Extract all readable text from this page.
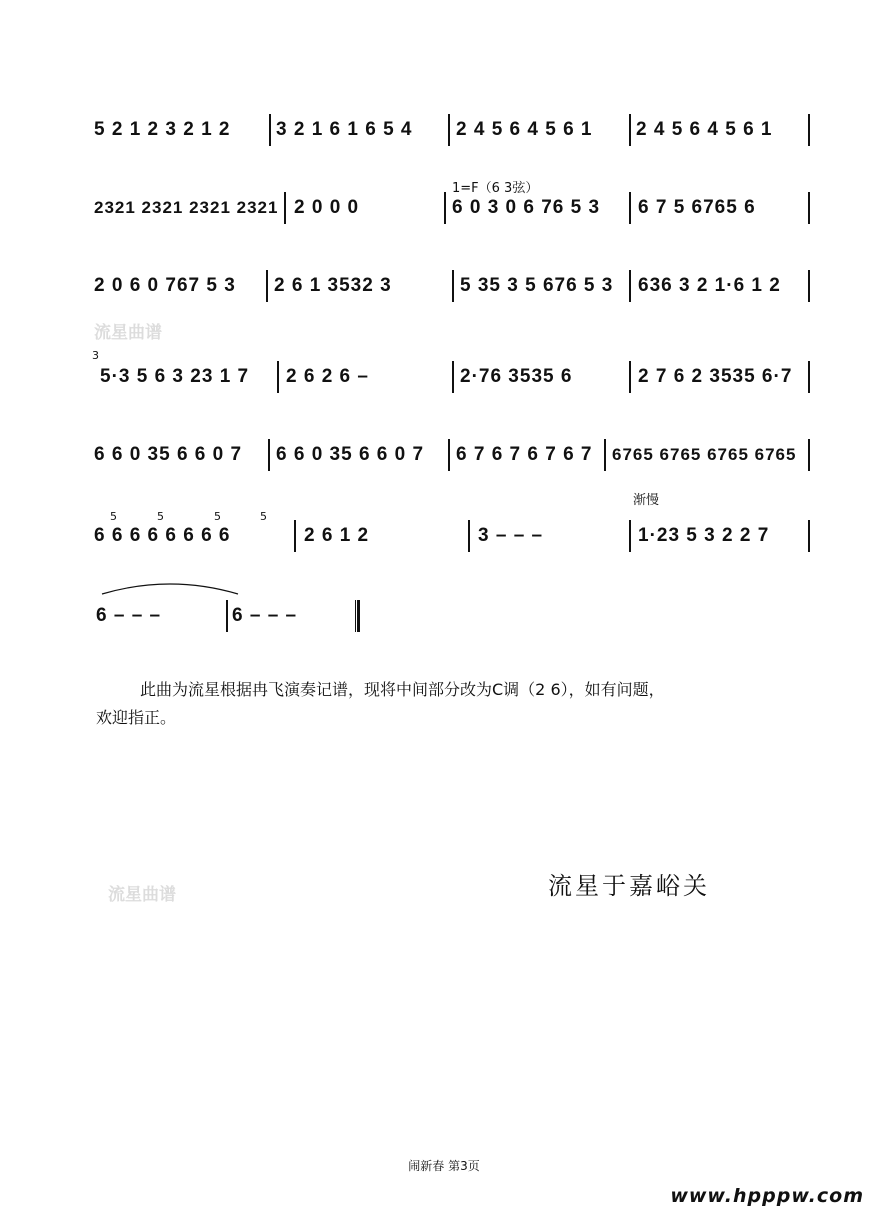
5 2 1 2 3 2 1 2	3 2 1 6 1 6 5 4	2 4 5 6 4 5 6 1	2 4 5 6 4 5 6 1
1=F（6 3弦）
2321 2321 2321 2321 2 0 0 0	6 0 3 0 6 76 5 3	6 7 5 6765 6
2 0 6 0 767 5 3	2 6 1 3532 3	5 35 3 5 676 5 3	636 3 2 1·6 1 2
流星曲谱
3
5·3 5 6 3 23 1 7	2 6 2 6 –	2·76 3535 6	2 7 6 2 3535 6·7
6 6 0 35 6 6 0 7	6 6 0 35 6 6 0 7	6 7 6 7 6 7 6 7	6765 6765 6765 6765
渐慢
5	5	5	5
6 6 6 6 6 6 6 6	2 6 1 2	3 – – –	1·23 5 3 2 2 7
6 – – –	6 – – –
此曲为流星根据冉飞演奏记谱，现将中间部分改为C调（2 6），如有问题，
欢迎指正。
流星曲谱	流星于嘉峪关
闹新春 第3页
www.hpppw.com
